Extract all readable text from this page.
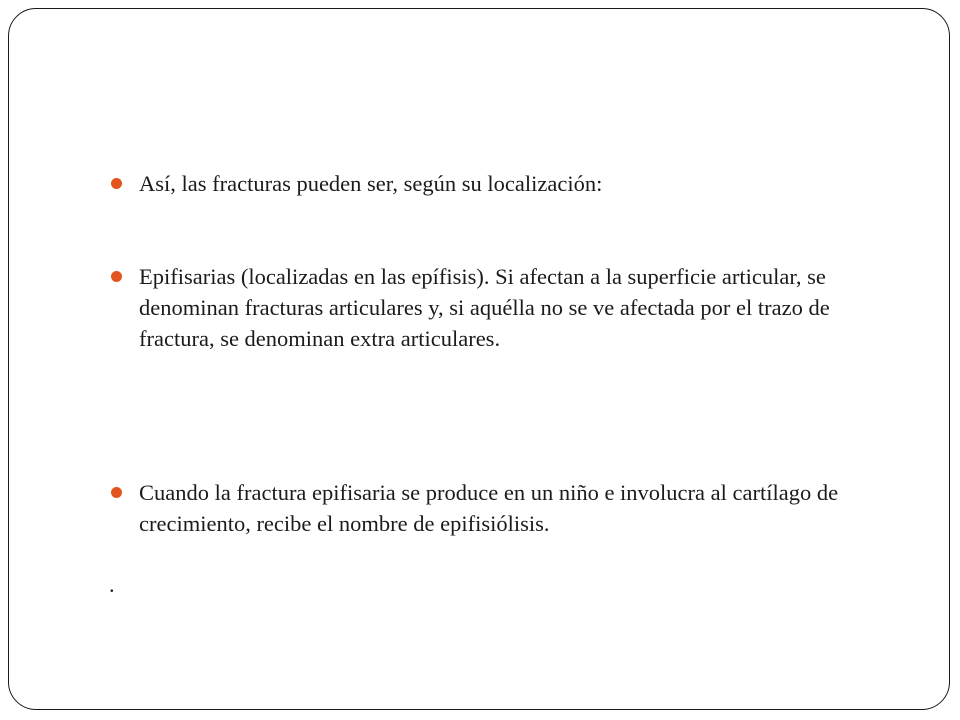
Así, las fracturas pueden ser, según su localización:
Epifisarias (localizadas en las epífisis). Si afectan a la superficie articular, se denominan fracturas articulares y, si aquélla no se ve afectada por el trazo de fractura, se denominan extra articulares.
Cuando la fractura epifisaria se produce en un niño e involucra al cartílago de crecimiento, recibe el nombre de epifisiólisis.
.
